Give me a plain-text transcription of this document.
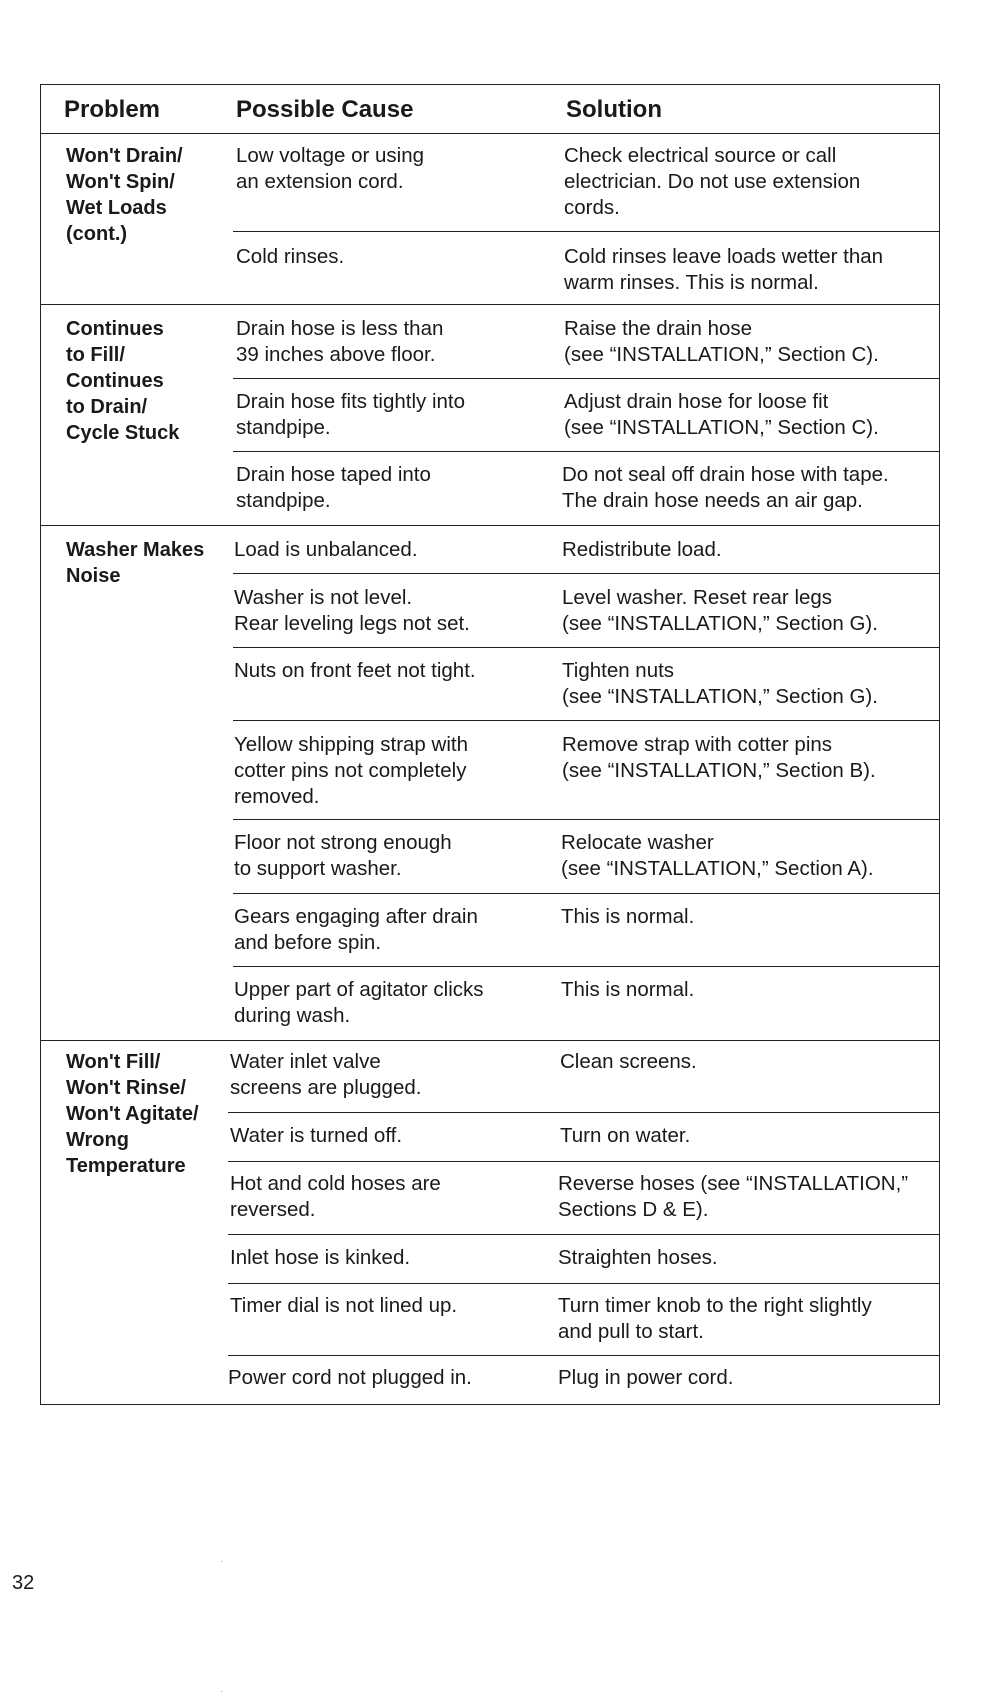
Problem	Possible Cause	Solution
Won't Drain/
Won't Spin/
Wet Loads
(cont.)
Continues
to Fill/
Continues
to Drain/
Cycle Stuck
Washer Makes
Noise
Won't Fill/
Won't Rinse/
Won't Agitate/
Wrong
Temperature
Low voltage or using
an extension cord.
Cold rinses.
Drain hose is less than
39 inches above floor.
Drain hose fits tightly into
standpipe.
Drain hose taped into
standpipe.
Load is unbalanced.
Washer is not level.
Rear leveling legs not set.
Nuts on front feet not tight.
Yellow shipping strap with
cotter pins not completely
removed.
Floor not strong enough
to support washer.
Gears engaging after drain
and before spin.
Upper part of agitator clicks
during wash.
Water inlet valve
screens are plugged.
Water is turned off.
Hot and cold hoses are
reversed.
Inlet hose is kinked.
Timer dial is not lined up.
Power cord not plugged in.
Check electrical source or call
electrician. Do not use extension
cords.
Cold rinses leave loads wetter than
warm rinses. This is normal.
Raise the drain hose
(see “INSTALLATION,” Section C).
Adjust drain hose for loose fit
(see “INSTALLATION,” Section C).
Do not seal off drain hose with tape.
The drain hose needs an air gap.
Redistribute load.
Level washer. Reset rear legs
(see “INSTALLATION,” Section G).
Tighten nuts
(see “INSTALLATION,” Section G).
Remove strap with cotter pins
(see “INSTALLATION,” Section B).
Relocate washer
(see “INSTALLATION,” Section A).
This is normal.
This is normal.
Clean screens.
Turn on water.
Reverse hoses (see “INSTALLATION,”
Sections D & E).
Straighten hoses.
Turn timer knob to the right slightly
and pull to start.
Plug in power cord.
32
·
·
